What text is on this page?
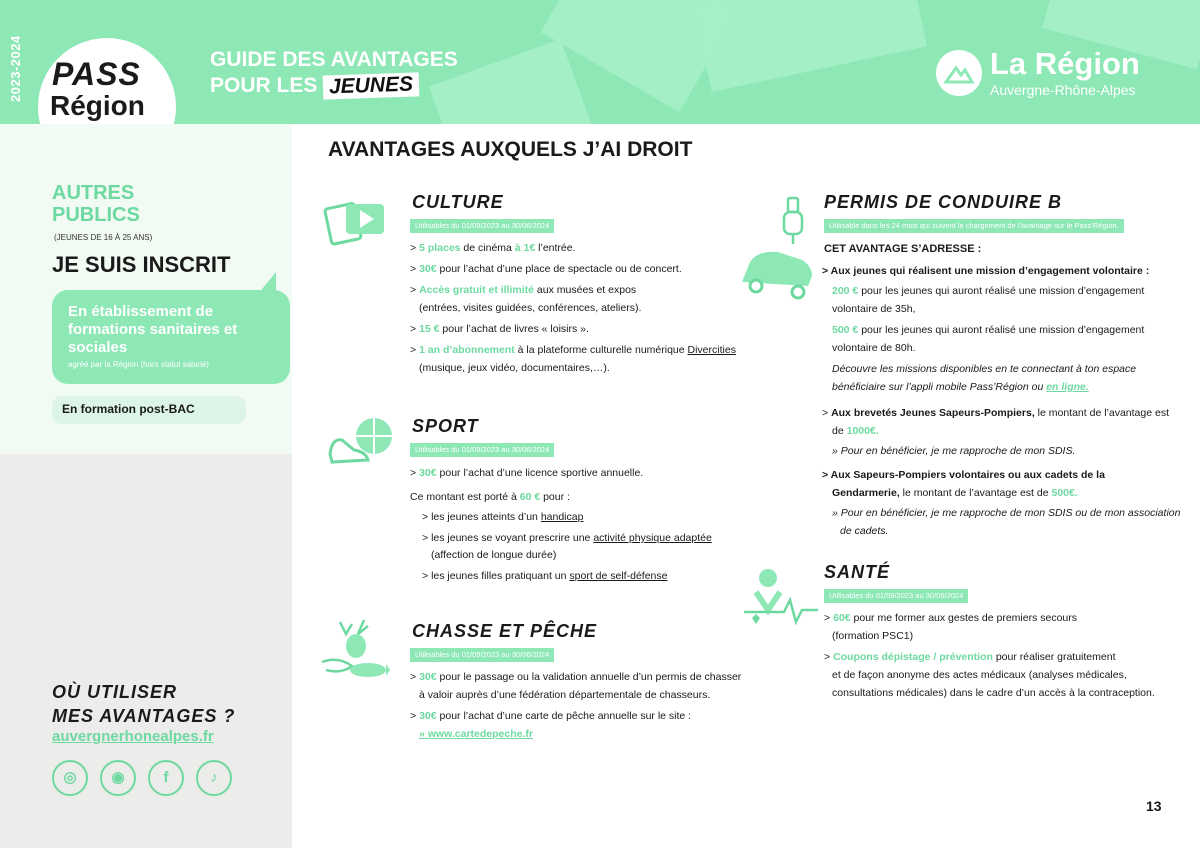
2023-2024 PASS
Région
GUIDE DES AVANTAGES
POUR LES JEUNES
La Région
Auvergne-Rhône-Alpes
AUTRES
PUBLICS
(JEUNES DE 16 À 25 ANS)
JE SUIS INSCRIT
En établissement de formations sanitaires et sociales
agréé par la Région (hors statut salarié)
En formation post-BAC
OÙ UTILISER
MES AVANTAGES ?
auvergnerhonealpes.fr
◎	◉	f	♪
AVANTAGES AUXQUELS J’AI DROIT
CULTURE
Utilisables du 01/09/2023 au 30/06/2024
> 5 places de cinéma à 1€ l’entrée.
> 30€ pour l’achat d’une place de spectacle ou de concert.
> Accès gratuit et illimité aux musées et expos
(entrées, visites guidées, conférences, ateliers).
> 15 € pour l’achat de livres « loisirs ».
> 1 an d’abonnement à la plateforme culturelle numérique Divercities
(musique, jeux vidéo, documentaires,…).
SPORT
Utilisables du 01/09/2023 au 30/06/2024
> 30€ pour l’achat d’une licence sportive annuelle.
Ce montant est porté à 60 € pour :
> les jeunes atteints d’un handicap
> les jeunes se voyant prescrire une activité physique adaptée
(affection de longue durée)
> les jeunes filles pratiquant un sport de self-défense
CHASSE ET PÊCHE
Utilisables du 01/09/2023 au 30/06/2024
> 30€ pour le passage ou la validation annuelle d’un permis de chasser
à valoir auprès d’une fédération départementale de chasseurs.
> 30€ pour l’achat d’une carte de pêche annuelle sur le site :
» www.cartedepeche.fr
PERMIS DE CONDUIRE B
Utilisable dans les 24 mois qui suivent le chargement de l’avantage sur le Pass’Région.
CET AVANTAGE S’ADRESSE :
> Aux jeunes qui réalisent une mission d’engagement volontaire :
200 € pour les jeunes qui auront réalisé une mission d’engagement
volontaire de 35h,
500 € pour les jeunes qui auront réalisé une mission d’engagement
volontaire de 80h.
Découvre les missions disponibles en te connectant à ton espace
bénéficiaire sur l’appli mobile Pass’Région ou en ligne.
> Aux brevetés Jeunes Sapeurs-Pompiers, le montant de l’avantage est
de 1000€.
» Pour en bénéficier, je me rapproche de mon SDIS.
> Aux Sapeurs-Pompiers volontaires ou aux cadets de la
Gendarmerie, le montant de l’avantage est de 500€.
» Pour en bénéficier, je me rapproche de mon SDIS ou de mon association
de cadets.
SANTÉ
Utilisables du 01/09/2023 au 30/06/2024
> 60€ pour me former aux gestes de premiers secours
(formation PSC1)
> Coupons dépistage / prévention pour réaliser gratuitement
et de façon anonyme des actes médicaux (analyses médicales,
consultations médicales) dans le cadre d’un accès à la contraception.
13
